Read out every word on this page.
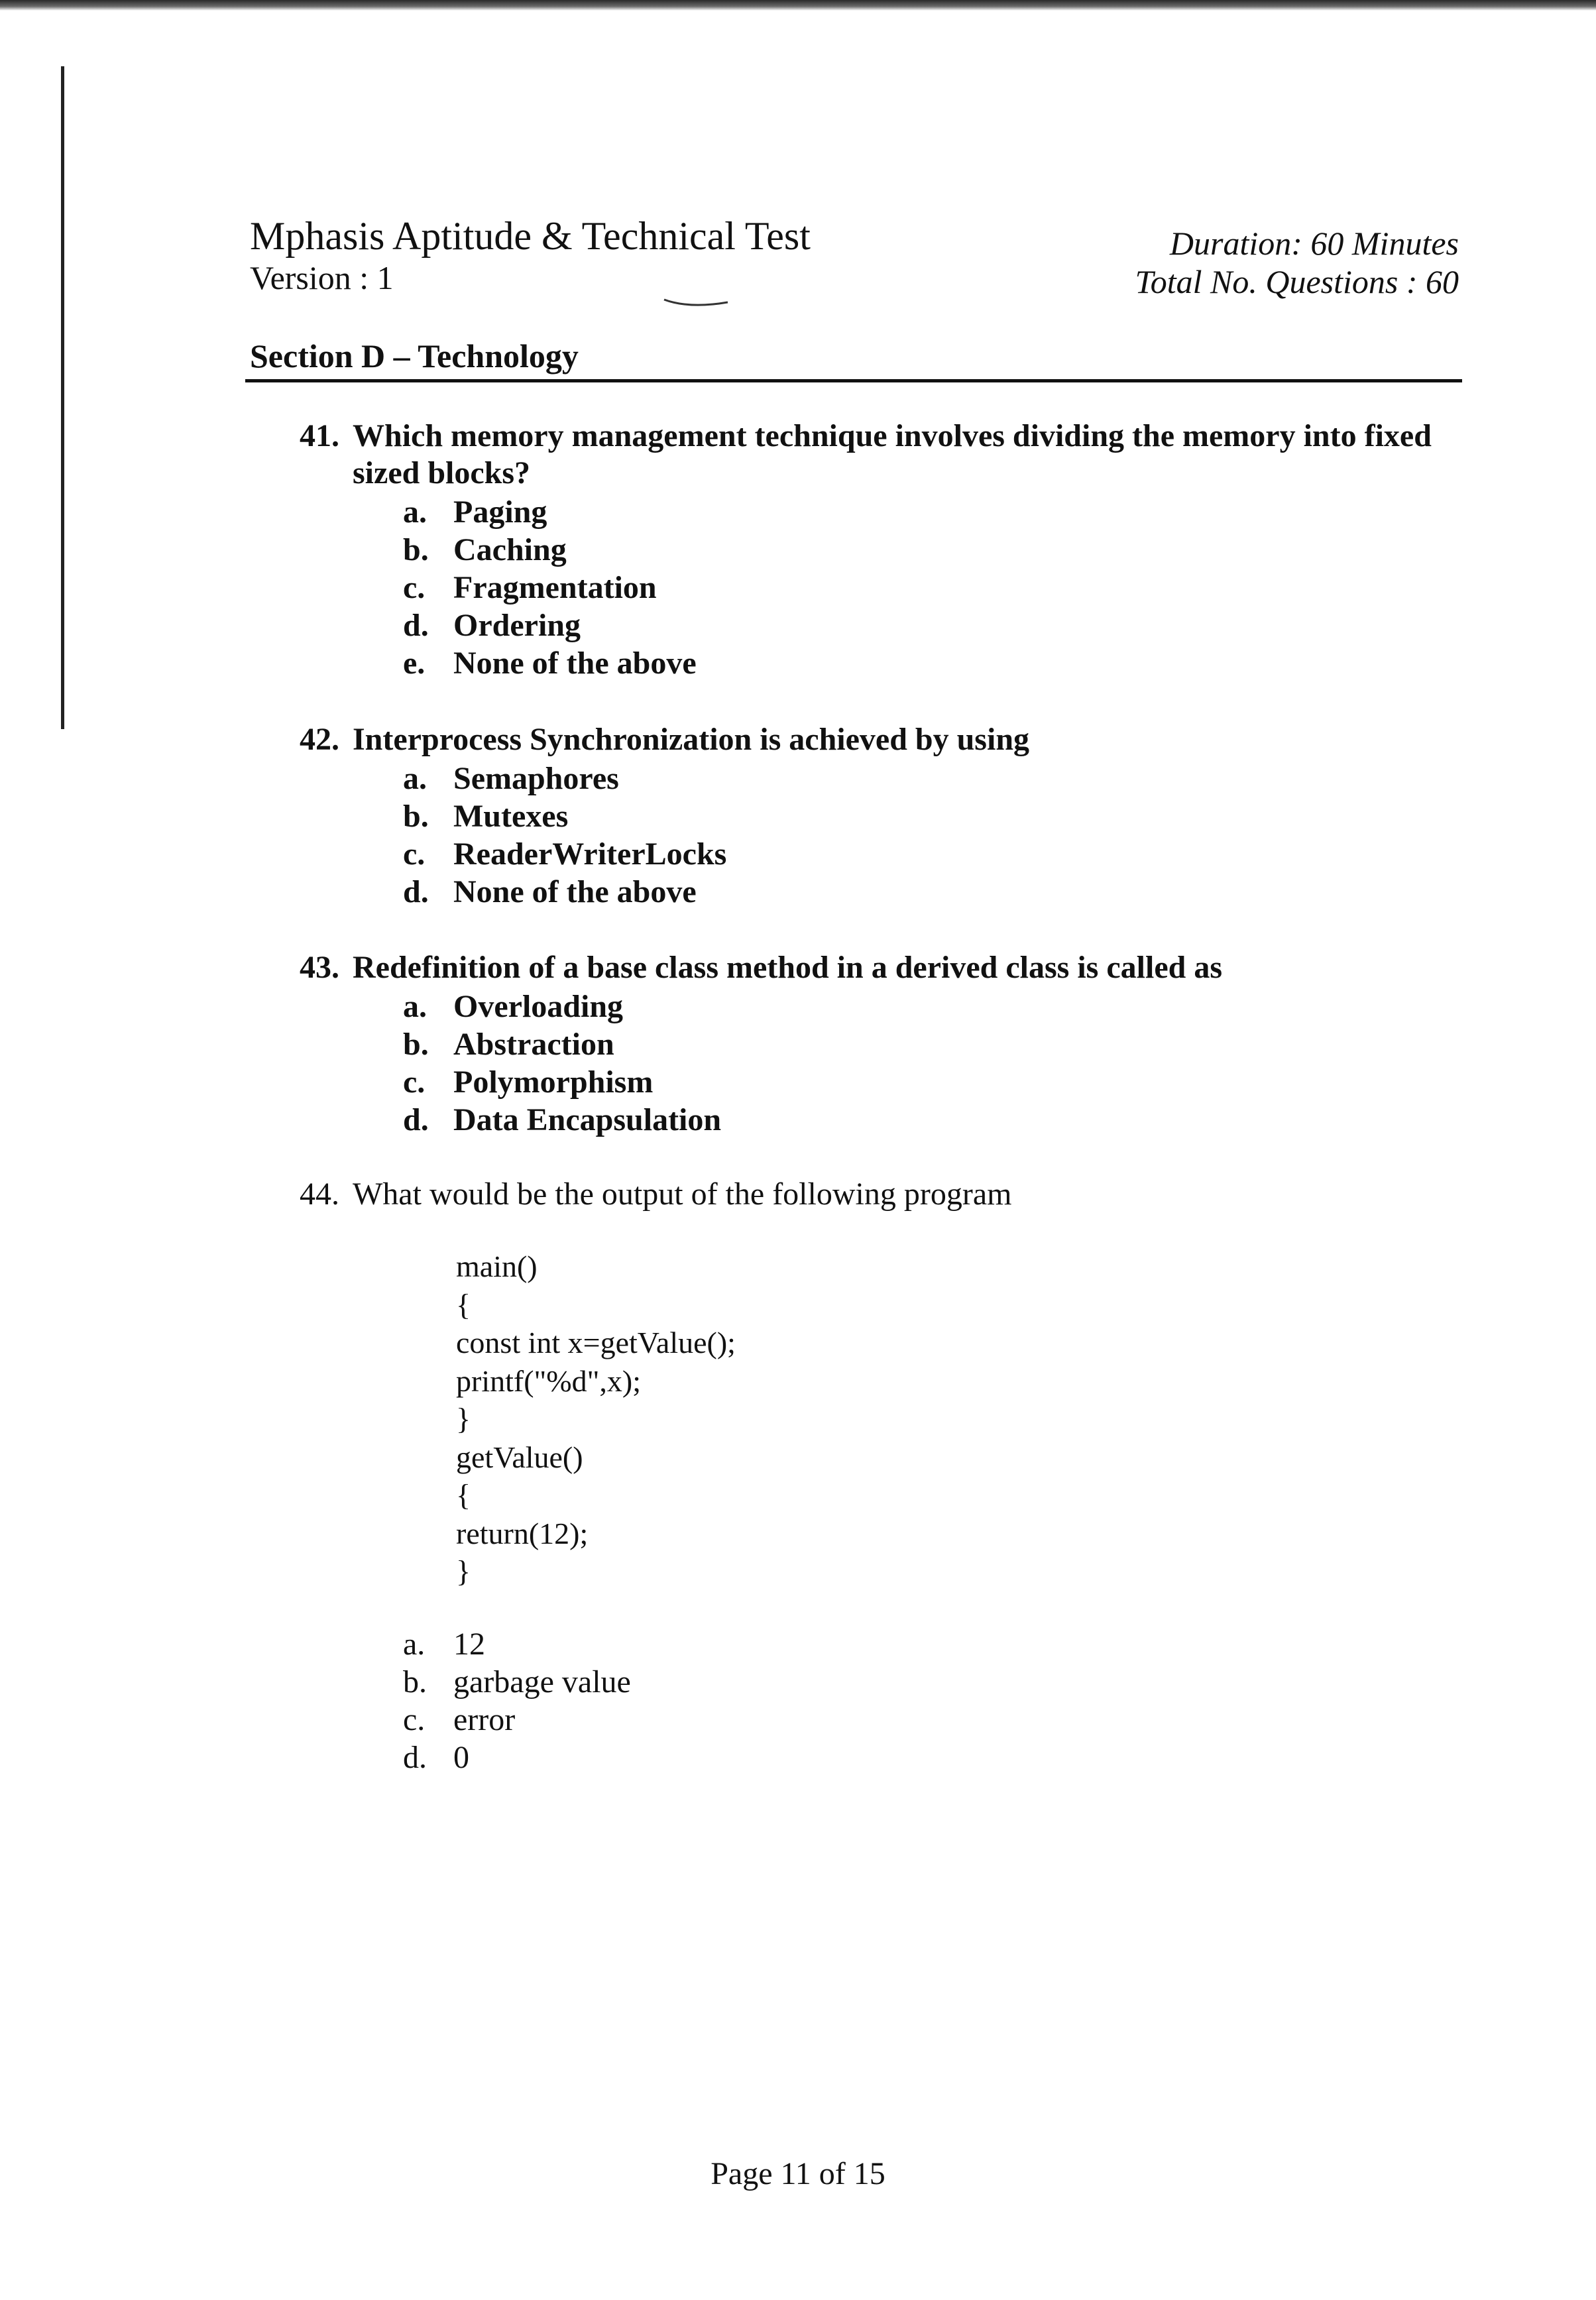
Mphasis Aptitude & Technical Test
Version : 1
Duration: 60 Minutes
Total No. Questions : 60
Section D – Technology
41. Which memory management technique involves dividing the memory into fixed sized blocks?
a. Paging
b. Caching
c. Fragmentation
d. Ordering
e. None of the above
42. Interprocess Synchronization is achieved by using
a. Semaphores
b. Mutexes
c. ReaderWriterLocks
d. None of the above
43. Redefinition of a base class method in a derived class is called as
a. Overloading
b. Abstraction
c. Polymorphism
d. Data Encapsulation
44. What would be the output of the following program
main()
{
const int x=getValue();
printf("%d",x);
}
getValue()
{
return(12);
}
a. 12
b. garbage value
c. error
d. 0
Page 11 of 15
